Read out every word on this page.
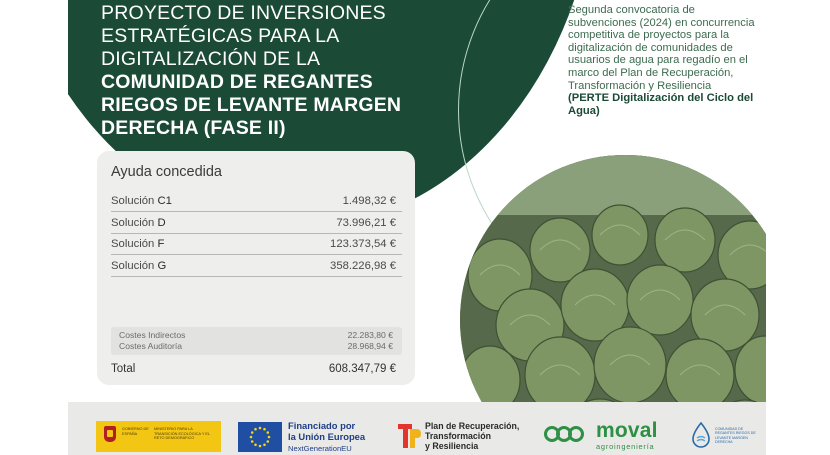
PROYECTO DE INVERSIONES
ESTRATÉGICAS PARA LA
DIGITALIZACIÓN DE LA
COMUNIDAD DE REGANTES
RIEGOS DE LEVANTE MARGEN
DERECHA (FASE II)
Segunda convocatoria de subvenciones (2024) en concurrencia competitiva de proyectos para la digitalización de comunidades de usuarios de agua para regadío en el marco del Plan de Recuperación, Transformación y Resiliencia
(PERTE Digitalización del Ciclo del Agua)
Ayuda concedida
Solución C1	1.498,32 €
Solución D	73.996,21 €
Solución F	123.373,54 €
Solución G	358.226,98 €
Costes Indirectos	22.283,80 €
Costes Auditoría	28.968,94 €
Total	608.347,79 €
GOBIERNO DE ESPAÑA
MINISTERIO PARA LA TRANSICIÓN ECOLÓGICA Y EL RETO DEMOGRÁFICO
Financiado por
la Unión Europea
NextGenerationEU
Plan de Recuperación,
Transformación
y Resiliencia
moval
agroingeniería
COMUNIDAD DE REGANTES RIEGOS DE LEVANTE MARGEN DERECHA
